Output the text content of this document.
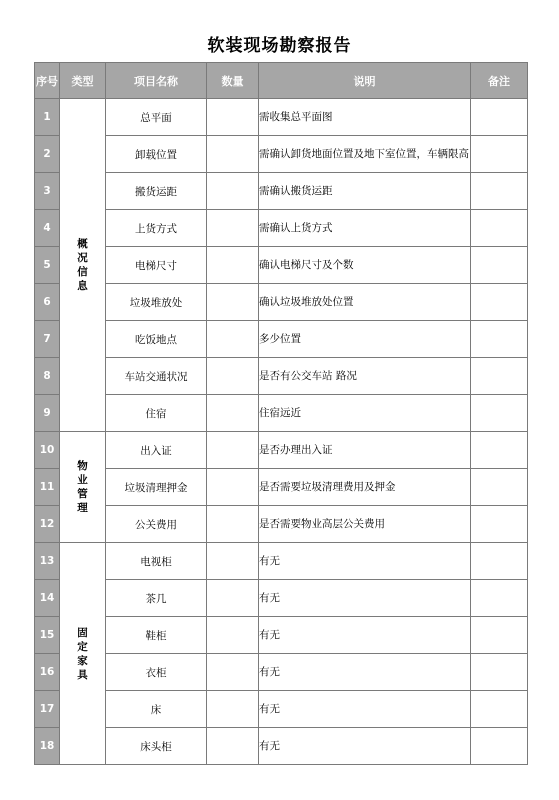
软装现场勘察报告
序号	类型	项目名称	数量	说明	备注
1	概况信息	总平面		需收集总平面图	
2		卸载位置		需确认卸货地面位置及地下室位置，车辆限高	
3		搬货运距		需确认搬货运距	
4		上货方式		需确认上货方式	
5		电梯尺寸		确认电梯尺寸及个数	
6		垃圾堆放处		确认垃圾堆放处位置	
7		吃饭地点		多少位置	
8		车站交通状况		是否有公交车站 路况	
9		住宿		住宿远近	
10	物业管理	出入证		是否办理出入证	
11		垃圾清理押金		是否需要垃圾清理费用及押金	
12		公关费用		是否需要物业高层公关费用	
13	固定家具	电视柜		有无	
14		茶几		有无	
15		鞋柜		有无	
16		衣柜		有无	
17		床		有无	
18		床头柜		有无	
